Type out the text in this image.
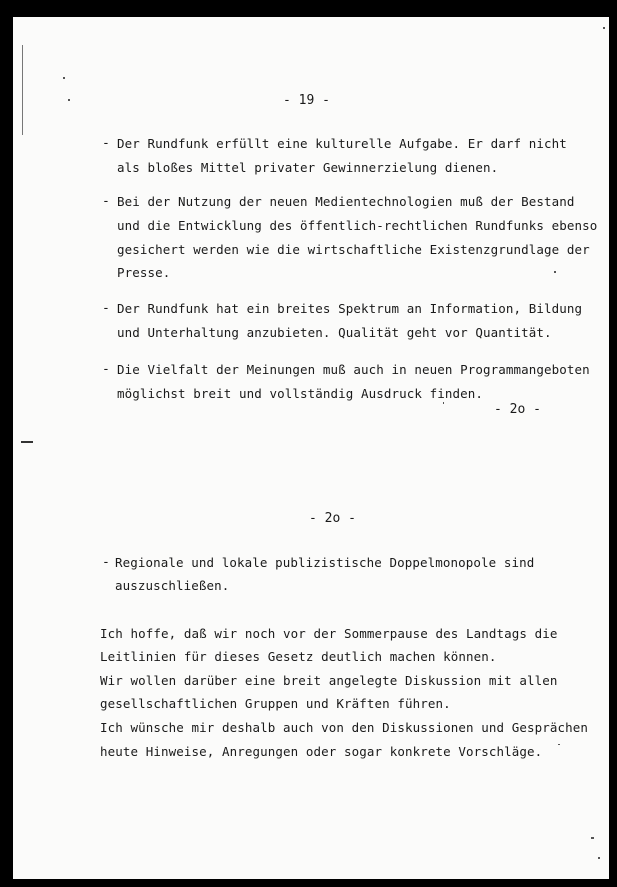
- 19 -
- Der Rundfunk erfüllt eine kulturelle Aufgabe. Er darf nicht
als bloßes Mittel privater Gewinnerzielung dienen.
- Bei der Nutzung der neuen Medientechnologien muß der Bestand
und die Entwicklung des öffentlich-rechtlichen Rundfunks ebenso
gesichert werden wie die wirtschaftliche Existenzgrundlage der
Presse.
- Der Rundfunk hat ein breites Spektrum an Information, Bildung
und Unterhaltung anzubieten. Qualität geht vor Quantität.
- Die Vielfalt der Meinungen muß auch in neuen Programmangeboten
möglichst breit und vollständig Ausdruck finden.
- 2o -
- 2o -
- Regionale und lokale publizistische Doppelmonopole sind
auszuschließen.
Ich hoffe, daß wir noch vor der Sommerpause des Landtags die
Leitlinien für dieses Gesetz deutlich machen können.
Wir wollen darüber eine breit angelegte Diskussion mit allen
gesellschaftlichen Gruppen und Kräften führen.
Ich wünsche mir deshalb auch von den Diskussionen und Gesprächen
heute Hinweise, Anregungen oder sogar konkrete Vorschläge.
